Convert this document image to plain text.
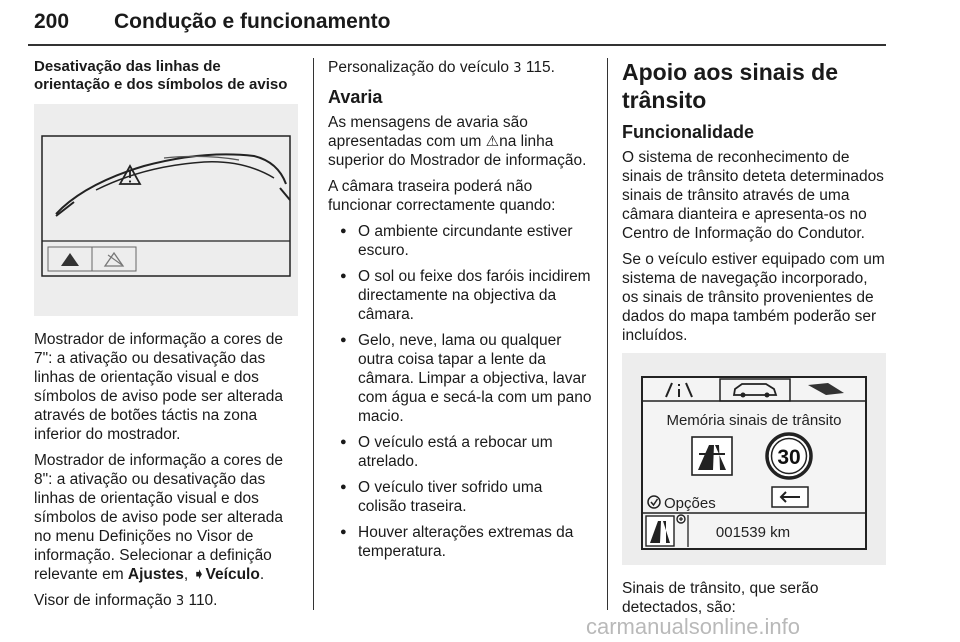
200 Condução e funcionamento

Desativação das linhas de orientação e dos símbolos de aviso

Mostrador de informação a cores de 7": a ativação ou desativação das linhas de orientação visual e dos símbolos de aviso pode ser alterada através de botões táctis na zona inferior do mostrador.

Mostrador de informação a cores de 8": a ativação ou desativação das linhas de orientação visual e dos símbolos de aviso pode ser alterada no menu Definições no Visor de informação. Selecionar a definição relevante em Ajustes, ➧Veículo.

Visor de informação 3 110.

Personalização do veículo 3 115.

Avaria

As mensagens de avaria são apresentadas com um ⚠na linha superior do Mostrador de informação.

A câmara traseira poderá não funcionar correctamente quando:

● O ambiente circundante estiver escuro.
● O sol ou feixe dos faróis incidirem directamente na objectiva da câmara.
● Gelo, neve, lama ou qualquer outra coisa tapar a lente da câmara. Limpar a objectiva, lavar com água e secá-la com um pano macio.
● O veículo está a rebocar um atrelado.
● O veículo tiver sofrido uma colisão traseira.
● Houver alterações extremas da temperatura.
Apoio aos sinais de trânsito
Funcionalidade

O sistema de reconhecimento de sinais de trânsito deteta determinados sinais de trânsito através de uma câmara dianteira e apresenta-os no Centro de Informação do Condutor.

Se o veículo estiver equipado com um sistema de navegação incorporado, os sinais de trânsito provenientes de dados do mapa também poderão ser incluídos.

Memória sinais de trânsito
30
Opções
001539 km

Sinais de trânsito, que serão detectados, são:

carmanualsonline.info
